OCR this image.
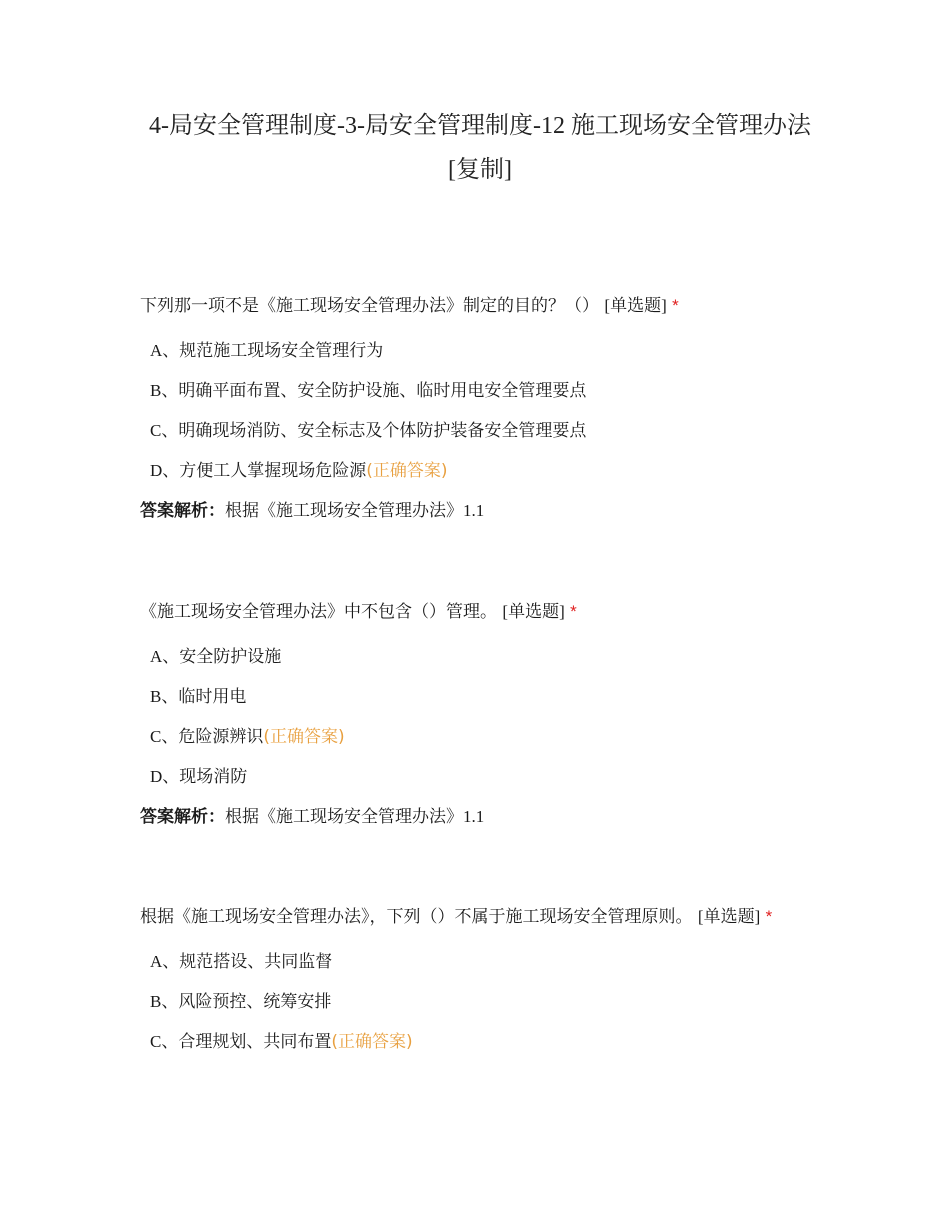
4-局安全管理制度-3-局安全管理制度-12 施工现场安全管理办法[复制]
下列那一项不是《施工现场安全管理办法》制定的目的？（） [单选题] *
A、规范施工现场安全管理行为
B、明确平面布置、安全防护设施、临时用电安全管理要点
C、明确现场消防、安全标志及个体防护装备安全管理要点
D、方便工人掌握现场危险源(正确答案)
答案解析：根据《施工现场安全管理办法》1.1
《施工现场安全管理办法》中不包含（）管理。 [单选题] *
A、安全防护设施
B、临时用电
C、危险源辨识(正确答案)
D、现场消防
答案解析：根据《施工现场安全管理办法》1.1
根据《施工现场安全管理办法》，下列（）不属于施工现场安全管理原则。 [单选题] *
A、规范搭设、共同监督
B、风险预控、统筹安排
C、合理规划、共同布置(正确答案)
